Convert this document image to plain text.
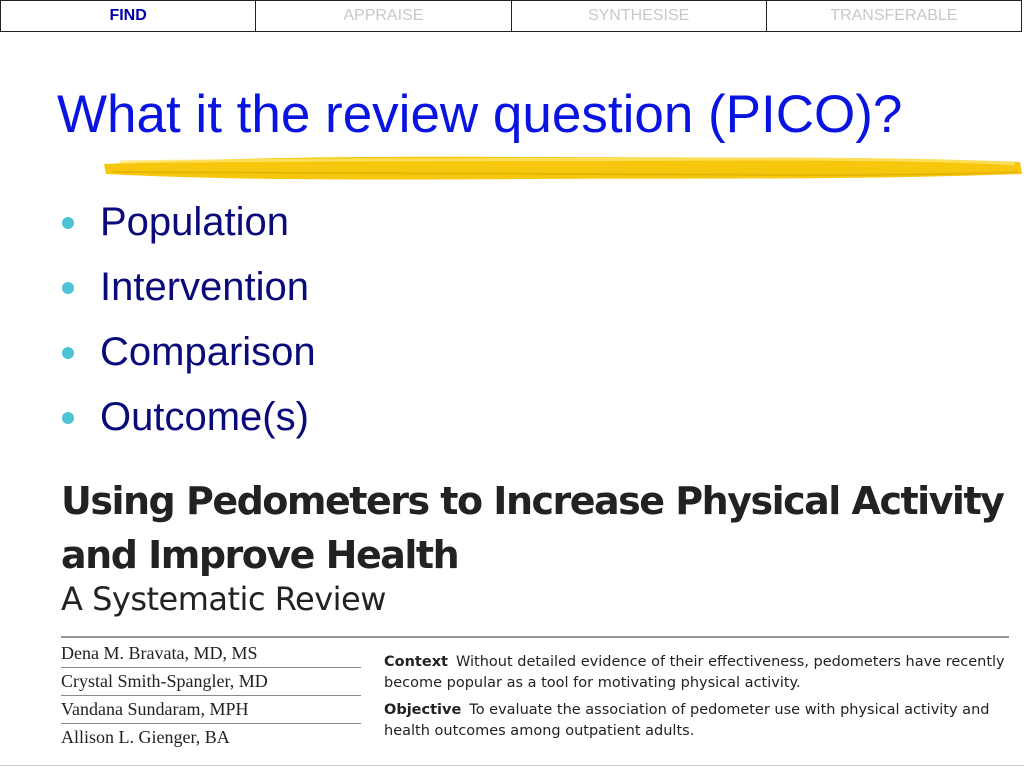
FIND	APPRAISE	SYNTHESISE	TRANSFERABLE
What it the review question (PICO)?
Population
Intervention
Comparison
Outcome(s)
Using Pedometers to Increase Physical Activity and Improve Health
A Systematic Review
Dena M. Bravata, MD, MS
Crystal Smith-Spangler, MD
Vandana Sundaram, MPH
Allison L. Gienger, BA

Context Without detailed evidence of their effectiveness, pedometers have recently become popular as a tool for motivating physical activity.

Objective To evaluate the association of pedometer use with physical activity and health outcomes among outpatient adults.
